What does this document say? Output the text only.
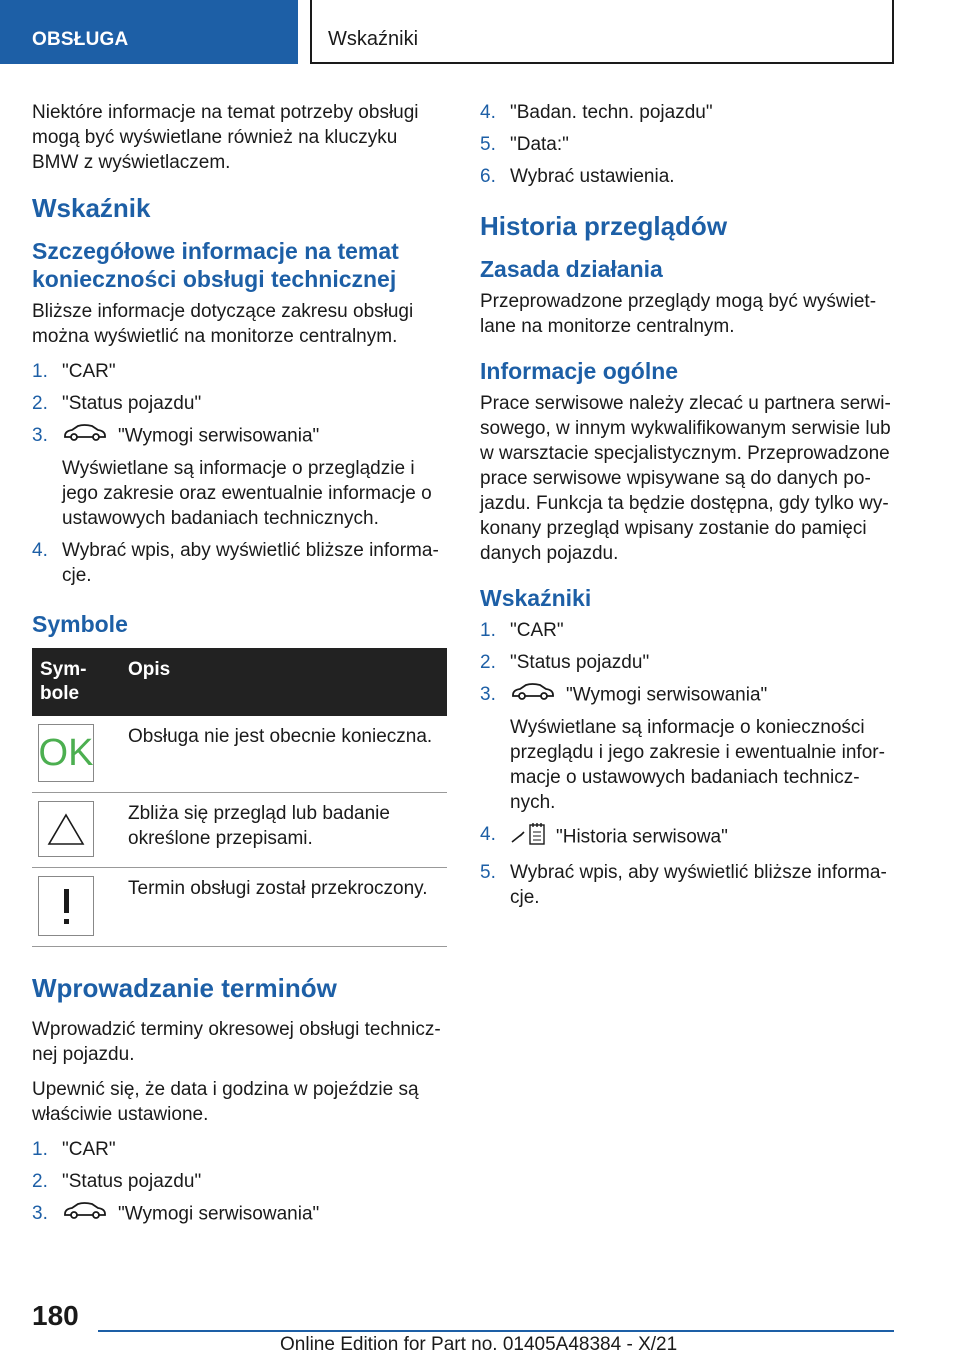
OBSŁUGA	Wskaźniki

Niektóre informacje na temat potrzeby obsługi mogą być wyświetlane również na kluczyku BMW z wyświetlaczem.

Wskaźnik
Szczegółowe informacje na temat konieczności obsługi technicznej

Bliższe informacje dotyczące zakresu obsługi można wyświetlić na monitorze centralnym.

1. "CAR"
2. "Status pojazdu"
3.	"Wymogi serwisowania"
Wyświetlane są informacje o przeglądzie i jego zakresie oraz ewentualnie informacje o ustawowych badaniach technicznych.
4. Wybrać wpis, aby wyświetlić bliższe informacje.
Symbole
Symbole	Opis

OK	Obsługa nie jest obecnie konieczna.

	Zbliża się przegląd lub badanie określone przepisami.

	Termin obsługi został przekroczony.
Wprowadzanie terminów

Wprowadzić terminy okresowej obsługi technicznej pojazdu.

Upewnić się, że data i godzina w pojeździe są właściwie ustawione.

1. "CAR"
2. "Status pojazdu"
3.	"Wymogi serwisowania"
4. "Badan. techn. pojazdu"
5. "Data:"
6. Wybrać ustawienia.
Historia przeglądów
Zasada działania

Przeprowadzone przeglądy mogą być wyświetlane na monitorze centralnym.

Informacje ogólne

Prace serwisowe należy zlecać u partnera serwisowego, w innym wykwalifikowanym serwisie lub w warsztacie specjalistycznym. Przeprowadzone prace serwisowe wpisywane są do danych pojazdu. Funkcja ta będzie dostępna, gdy tylko wykonany przegląd wpisany zostanie do pamięci danych pojazdu.

Wskaźniki
1. "CAR"
2. "Status pojazdu"
3.	"Wymogi serwisowania"
Wyświetlane są informacje o konieczności przeglądu i jego zakresie i ewentualnie informacje o ustawowych badaniach technicznych.
4.	"Historia serwisowa"
5. Wybrać wpis, aby wyświetlić bliższe informacje.
180
Online Edition for Part no. 01405A48384 - X/21
